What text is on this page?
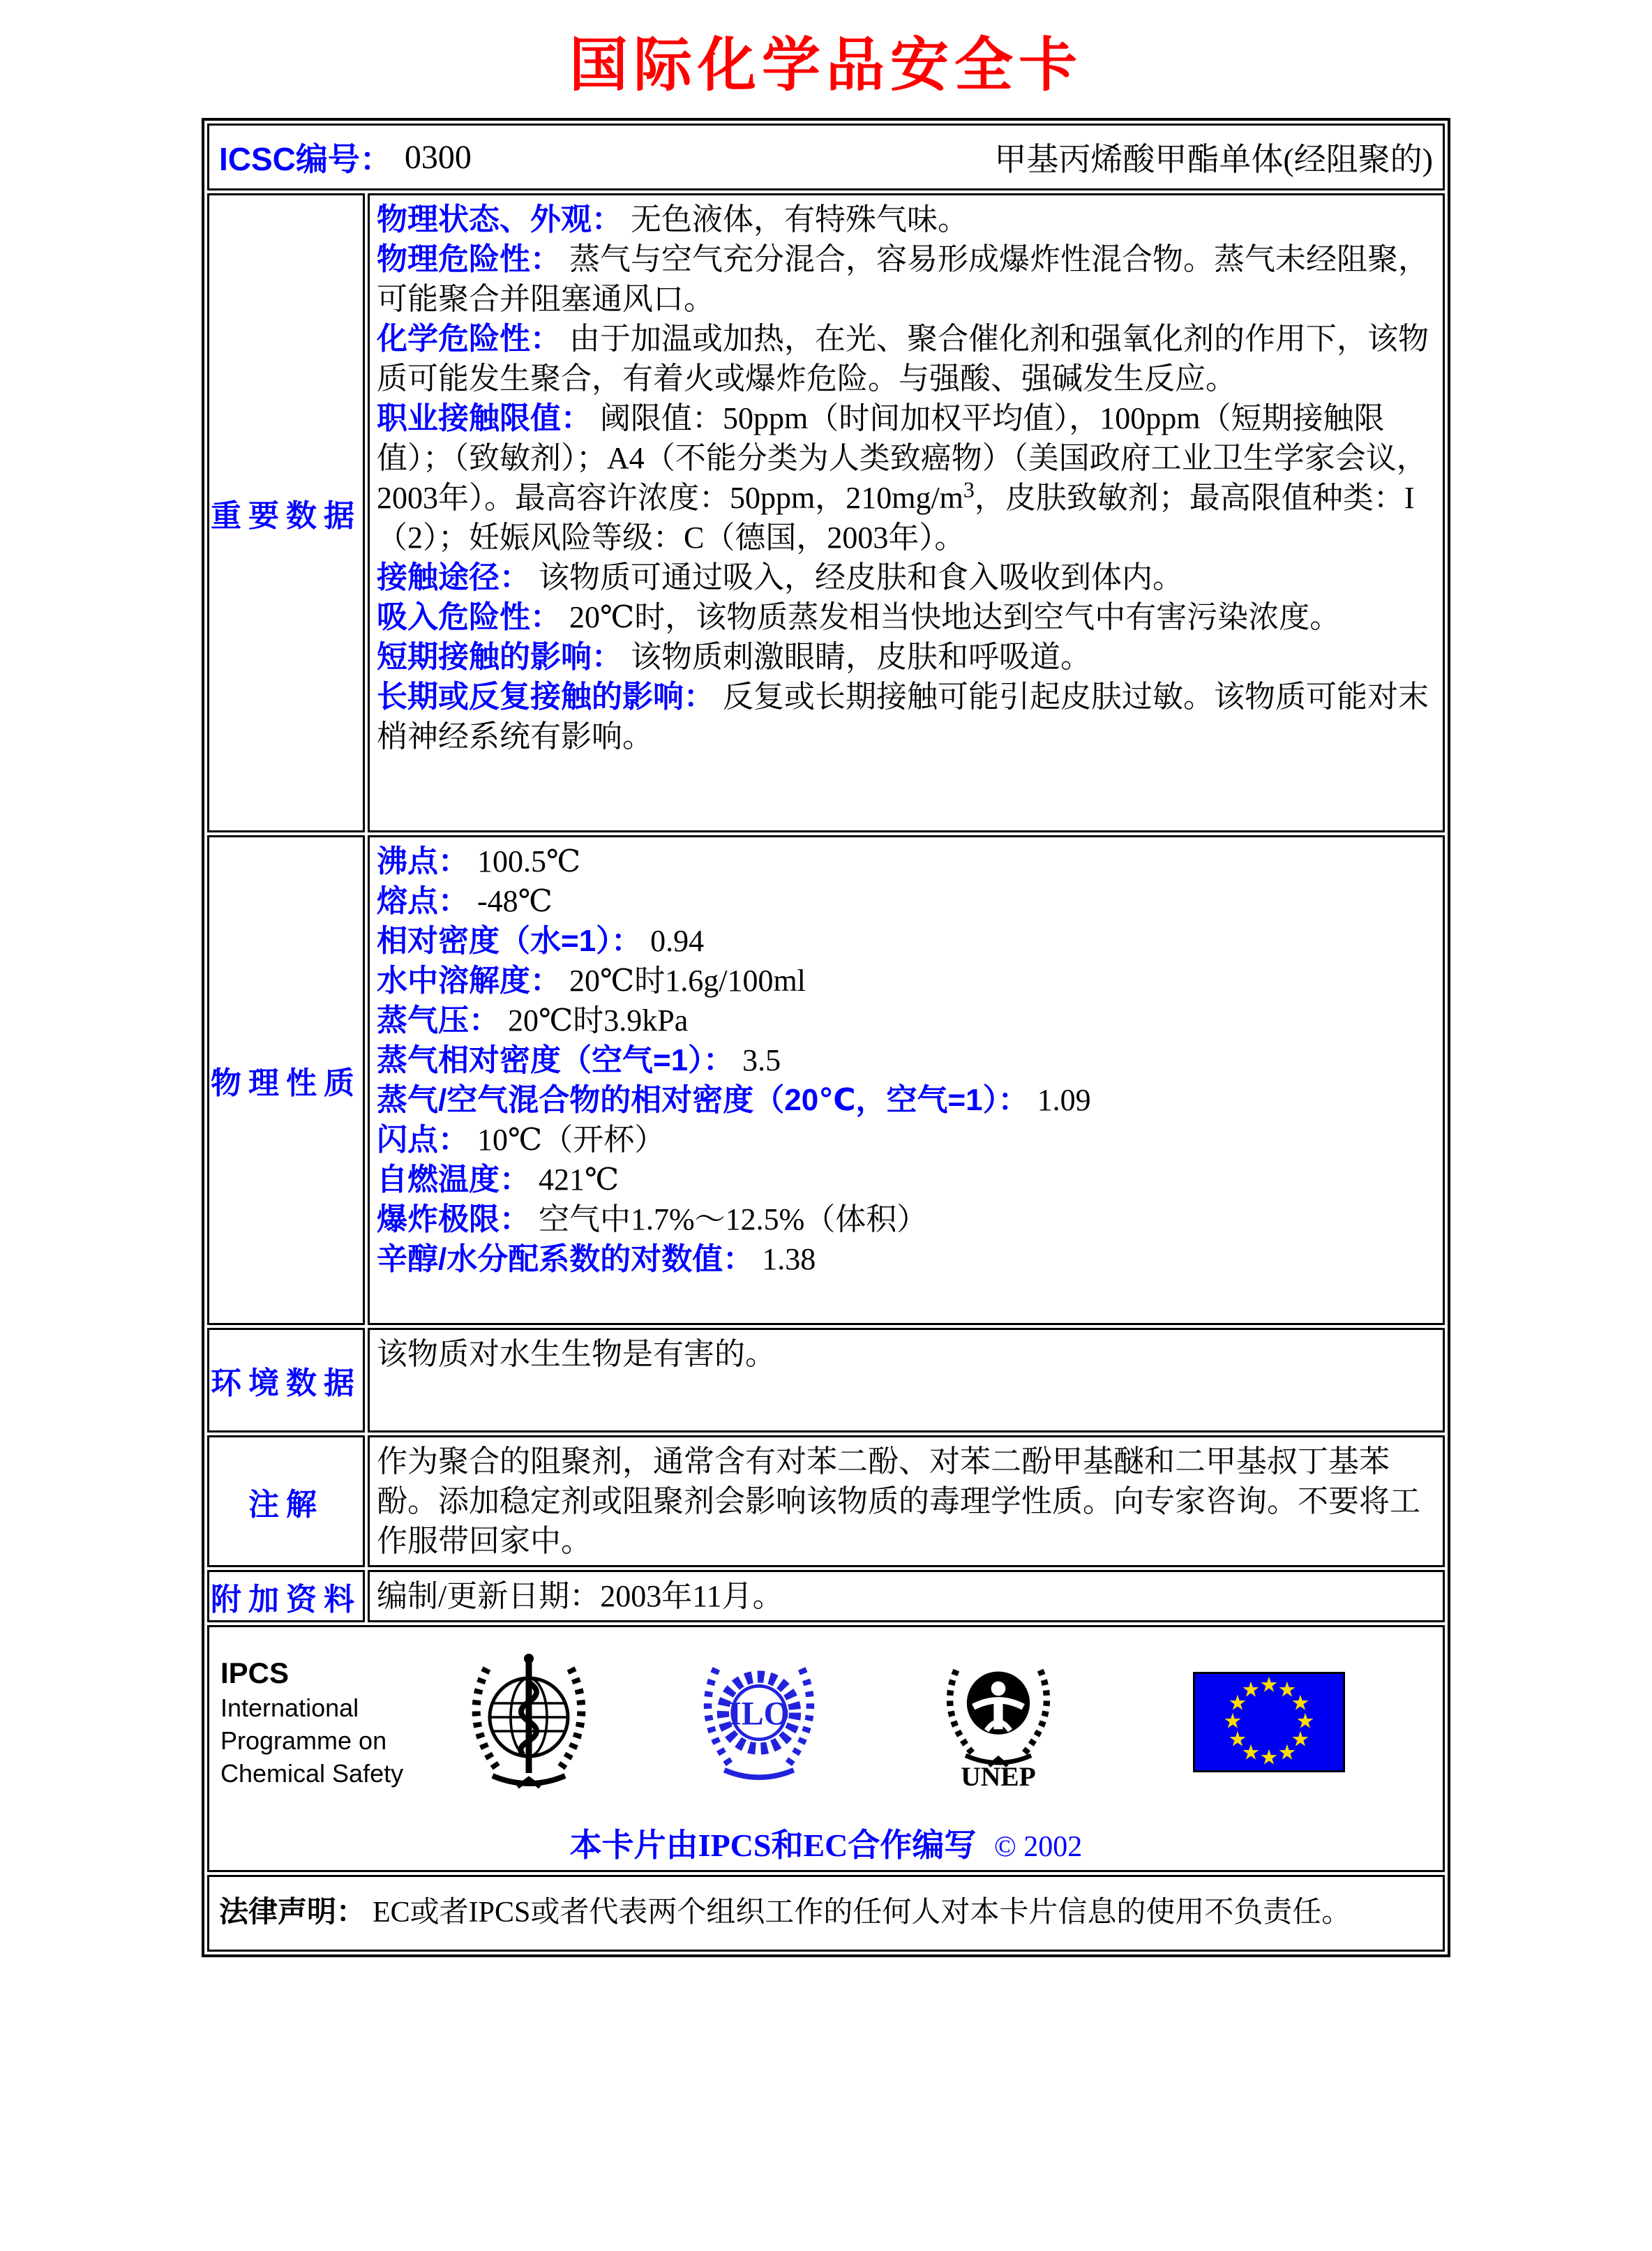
国际化学品安全卡
ICSC编号： 0300 甲基丙烯酸甲酯单体(经阻聚的)	

重要数据	
物理状态、外观： 无色液体，有特殊气味。
物理危险性： 蒸气与空气充分混合，容易形成爆炸性混合物。蒸气未经阻聚，可能聚合并阻塞通风口。
化学危险性： 由于加温或加热，在光、聚合催化剂和强氧化剂的作用下，该物质可能发生聚合，有着火或爆炸危险。与强酸、强碱发生反应。
职业接触限值： 阈限值：50ppm（时间加权平均值），100ppm（短期接触限值）；（致敏剂）；A4（不能分类为人类致癌物）（美国政府工业卫生学家会议，2003年）。最高容许浓度：50ppm，$210mg/m^3$，皮肤致敏剂；最高限值种类：I（2）；妊娠风险等级：C（德国，2003年）。
接触途径： 该物质可通过吸入，经皮肤和食入吸收到体内。
吸入危险性： 20℃时，该物质蒸发相当快地达到空气中有害污染浓度。
短期接触的影响： 该物质刺激眼睛，皮肤和呼吸道。
长期或反复接触的影响： 反复或长期接触可能引起皮肤过敏。该物质可能对末梢神经系统有影响。

物理性质	
沸点： 100.5℃
熔点： -48℃
相对密度（水=1）： 0.94
水中溶解度： 20℃时1.6g/100ml
蒸气压： 20℃时3.9kPa
蒸气相对密度（空气=1）： 3.5
蒸气/空气混合物的相对密度（20℃，空气=1）： 1.09
闪点： 10℃（开杯）
自燃温度： 421℃
爆炸极限： 空气中1.7%～12.5%（体积）
辛醇/水分配系数的对数值： 1.38

环境数据	该物质对水生生物是有害的。
注解	作为聚合的阻聚剂，通常含有对苯二酚、对苯二酚甲基醚和二甲基叔丁基苯酚。添加稳定剂或阻聚剂会影响该物质的毒理学性质。向专家咨询。不要将工作服带回家中。
附加资料	编制/更新日期：2003年11月。

IPCS
International
Programme on
Chemical Safety
ILO
UNEP
★ ★
★
★
★
★
★
★
★
★
★
★
本卡片由IPCS和EC合作编写 © 2002

法律声明： EC或者IPCS或者代表两个组织工作的任何人对本卡片信息的使用不负责任。	
